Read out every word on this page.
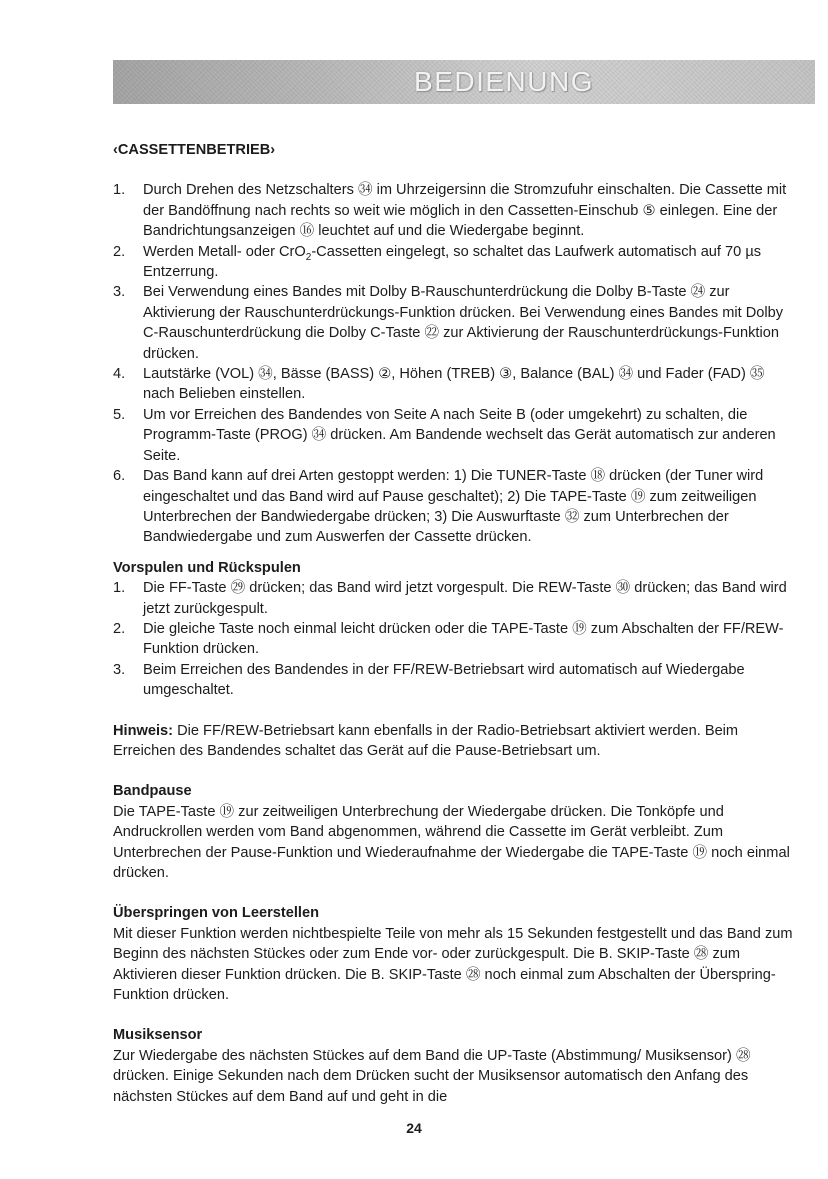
BEDIENUNG
‹CASSETTENBETRIEB›
1. Durch Drehen des Netzschalters ㉞ im Uhrzeigersinn die Stromzufuhr einschalten. Die Cassette mit der Bandöffnung nach rechts so weit wie möglich in den Cassetten-Einschub ⑤ einlegen. Eine der Bandrichtungsanzeigen ⑯ leuchtet auf und die Wiedergabe beginnt.
2. Werden Metall- oder CrO$_2$-Cassetten eingelegt, so schaltet das Laufwerk automatisch auf 70 µs Entzerrung.
3. Bei Verwendung eines Bandes mit Dolby B-Rauschunterdrückung die Dolby B-Taste ㉔ zur Aktivierung der Rauschunterdrückungs-Funktion drücken. Bei Verwendung eines Bandes mit Dolby C-Rauschunterdrückung die Dolby C-Taste ㉒ zur Aktivierung der Rauschunterdrückungs-Funktion drücken.
4. Lautstärke (VOL) ㉞, Bässe (BASS) ②, Höhen (TREB) ③, Balance (BAL) ㉞ und Fader (FAD) ㉟ nach Belieben einstellen.
5. Um vor Erreichen des Bandendes von Seite A nach Seite B (oder umgekehrt) zu schalten, die Programm-Taste (PROG) ㉞ drücken. Am Bandende wechselt das Gerät automatisch zur anderen Seite.
6. Das Band kann auf drei Arten gestoppt werden: 1) Die TUNER-Taste ⑱ drücken (der Tuner wird eingeschaltet und das Band wird auf Pause geschaltet); 2) Die TAPE-Taste ⑲ zum zeitweiligen Unterbrechen der Bandwiedergabe drücken; 3) Die Auswurftaste ㉜ zum Unterbrechen der Bandwiedergabe und zum Auswerfen der Cassette drücken.
Vorspulen und Rückspulen
1. Die FF-Taste ㉙ drücken; das Band wird jetzt vorgespult. Die REW-Taste ㉚ drücken; das Band wird jetzt zurückgespult.
2. Die gleiche Taste noch einmal leicht drücken oder die TAPE-Taste ⑲ zum Abschalten der FF/REW-Funktion drücken.
3. Beim Erreichen des Bandendes in der FF/REW-Betriebsart wird automatisch auf Wiedergabe umgeschaltet.

Hinweis: Die FF/REW-Betriebsart kann ebenfalls in der Radio-Betriebsart aktiviert werden. Beim Erreichen des Bandendes schaltet das Gerät auf die Pause-Betriebsart um.

Bandpause

Die TAPE-Taste ⑲ zur zeitweiligen Unterbrechung der Wiedergabe drücken. Die Tonköpfe und Andruckrollen werden vom Band abgenommen, während die Cassette im Gerät verbleibt. Zum Unterbrechen der Pause-Funktion und Wiederaufnahme der Wiedergabe die TAPE-Taste ⑲ noch einmal drücken.

Überspringen von Leerstellen

Mit dieser Funktion werden nichtbespielte Teile von mehr als 15 Sekunden festgestellt und das Band zum Beginn des nächsten Stückes oder zum Ende vor- oder zurückgespult. Die B. SKIP-Taste ㉘ zum Aktivieren dieser Funktion drücken. Die B. SKIP-Taste ㉘ noch einmal zum Abschalten der Überspring-Funktion drücken.

Musiksensor

Zur Wiedergabe des nächsten Stückes auf dem Band die UP-Taste (Abstimmung/ Musiksensor) ㉘ drücken. Einige Sekunden nach dem Drücken sucht der Musiksensor automatisch den Anfang des nächsten Stückes auf dem Band auf und geht in die

24
